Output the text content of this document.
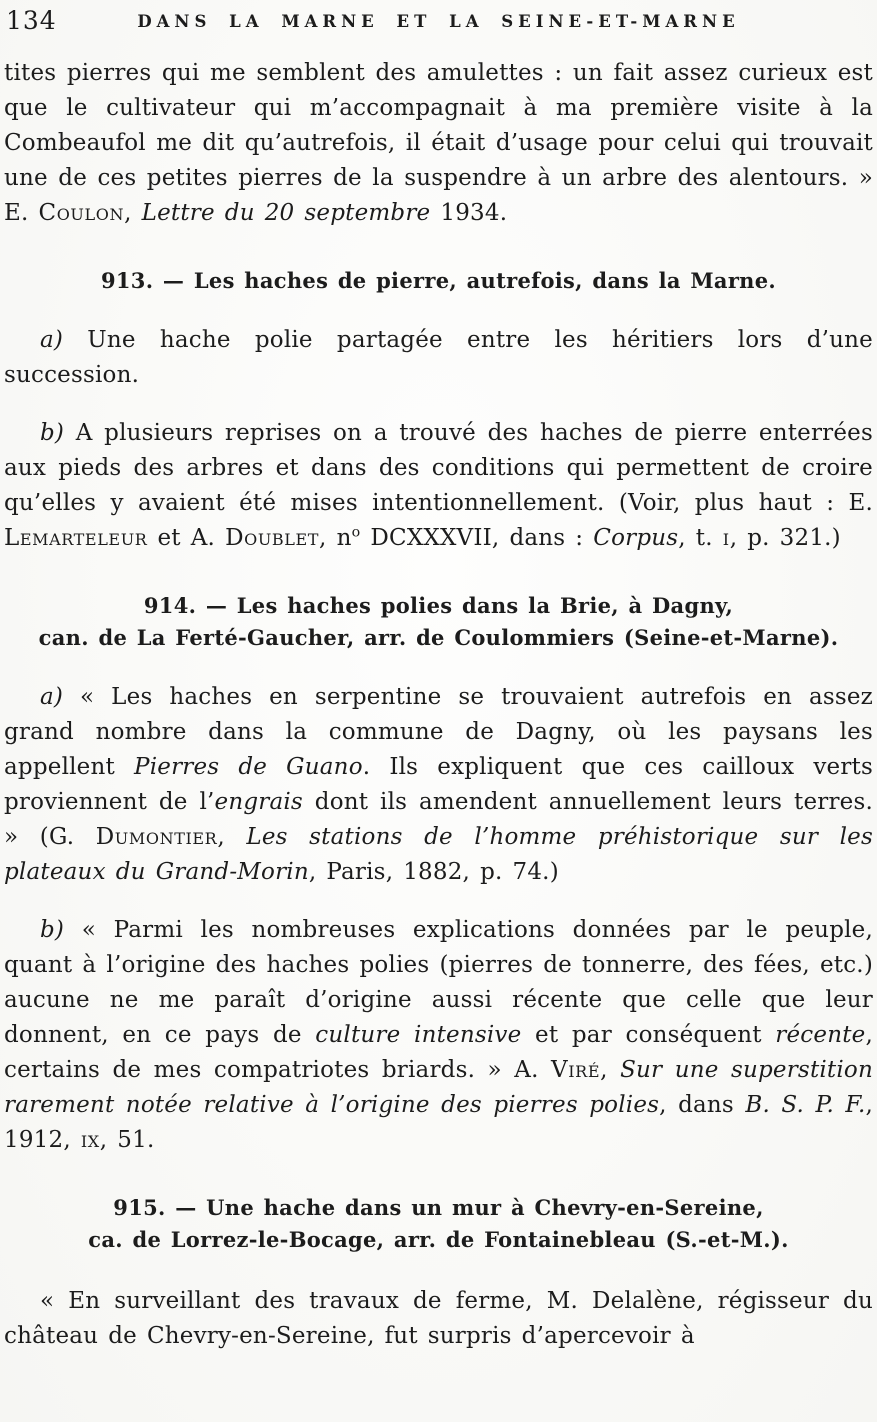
134	DANS LA MARNE ET LA SEINE-ET-MARNE

tites pierres qui me semblent des amulettes : un fait assez curieux est que le cultivateur qui m’accompagnait à ma première visite à la Combeaufol me dit qu’autrefois, il était d’usage pour celui qui trouvait une de ces petites pierres de la suspendre à un arbre des alentours. » E. Coulon, Lettre du 20 septembre 1934.

913. — Les haches de pierre, autrefois, dans la Marne.

a) Une hache polie partagée entre les héritiers lors d’une succession.

b) A plusieurs reprises on a trouvé des haches de pierre enterrées aux pieds des arbres et dans des conditions qui permettent de croire qu’elles y avaient été mises intentionnellement. (Voir, plus haut : E. Lemarteleur et A. Doublet, $n^o$ DCXXXVII, dans : Corpus, t. i, p. 321.)

914. — Les haches polies dans la Brie, à Dagny,
can. de La Ferté-Gaucher, arr. de Coulommiers (Seine-et-Marne).

a) « Les haches en serpentine se trouvaient autrefois en assez grand nombre dans la commune de Dagny, où les paysans les appellent Pierres de Guano. Ils expliquent que ces cailloux verts proviennent de l’engrais dont ils amendent annuellement leurs terres. » (G. Dumontier, Les stations de l’homme préhistorique sur les plateaux du Grand-Morin, Paris, 1882, p. 74.)

b) « Parmi les nombreuses explications données par le peuple, quant à l’origine des haches polies (pierres de tonnerre, des fées, etc.) aucune ne me paraît d’origine aussi récente que celle que leur donnent, en ce pays de culture intensive et par conséquent récente, certains de mes compatriotes briards. » A. Viré, Sur une superstition rarement notée relative à l’origine des pierres polies, dans B. S. P. F., 1912, ix, 51.

915. — Une hache dans un mur à Chevry-en-Sereine,
ca. de Lorrez-le-Bocage, arr. de Fontainebleau (S.-et-M.).

« En surveillant des travaux de ferme, M. Delalène, régisseur du château de Chevry-en-Sereine, fut surpris d’apercevoir à
